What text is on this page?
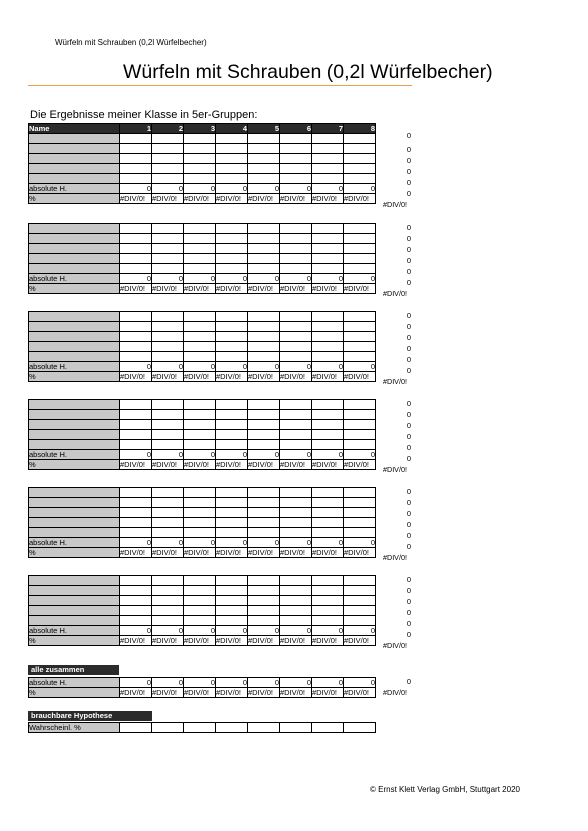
Würfeln mit Schrauben (0,2l Würfelbecher)
Würfeln mit Schrauben (0,2l Würfelbecher)
Die Ergebnisse meiner Klasse in 5er-Gruppen:
Name	1	2	3	4	5	6	7	8

absolute H.	0	0	0	0	0	0	0	0
%	#DIV/0!	#DIV/0!	#DIV/0!	#DIV/0!	#DIV/0!	#DIV/0!	#DIV/0!	#DIV/0!
0
0
0
0
0
0
#DIV/0!

absolute H.	0	0	0	0	0	0	0	0
%	#DIV/0!	#DIV/0!	#DIV/0!	#DIV/0!	#DIV/0!	#DIV/0!	#DIV/0!	#DIV/0!
0
0
0
0
0
0
#DIV/0!

absolute H.	0	0	0	0	0	0	0	0
%	#DIV/0!	#DIV/0!	#DIV/0!	#DIV/0!	#DIV/0!	#DIV/0!	#DIV/0!	#DIV/0!
0
0
0
0
0
0
#DIV/0!

absolute H.	0	0	0	0	0	0	0	0
%	#DIV/0!	#DIV/0!	#DIV/0!	#DIV/0!	#DIV/0!	#DIV/0!	#DIV/0!	#DIV/0!
0
0
0
0
0
0
#DIV/0!

absolute H.	0	0	0	0	0	0	0	0
%	#DIV/0!	#DIV/0!	#DIV/0!	#DIV/0!	#DIV/0!	#DIV/0!	#DIV/0!	#DIV/0!
0
0
0
0
0
0
#DIV/0!

absolute H.	0	0	0	0	0	0	0	0
%	#DIV/0!	#DIV/0!	#DIV/0!	#DIV/0!	#DIV/0!	#DIV/0!	#DIV/0!	#DIV/0!
0
0
0
0
0
0
#DIV/0!
alle zusammen
absolute H.	0	0	0	0	0	0	0	0
%	#DIV/0!	#DIV/0!	#DIV/0!	#DIV/0!	#DIV/0!	#DIV/0!	#DIV/0!	#DIV/0!
0
#DIV/0!
brauchbare Hypothese
Wahrscheinl. %								
© Ernst Klett Verlag GmbH, Stuttgart 2020
